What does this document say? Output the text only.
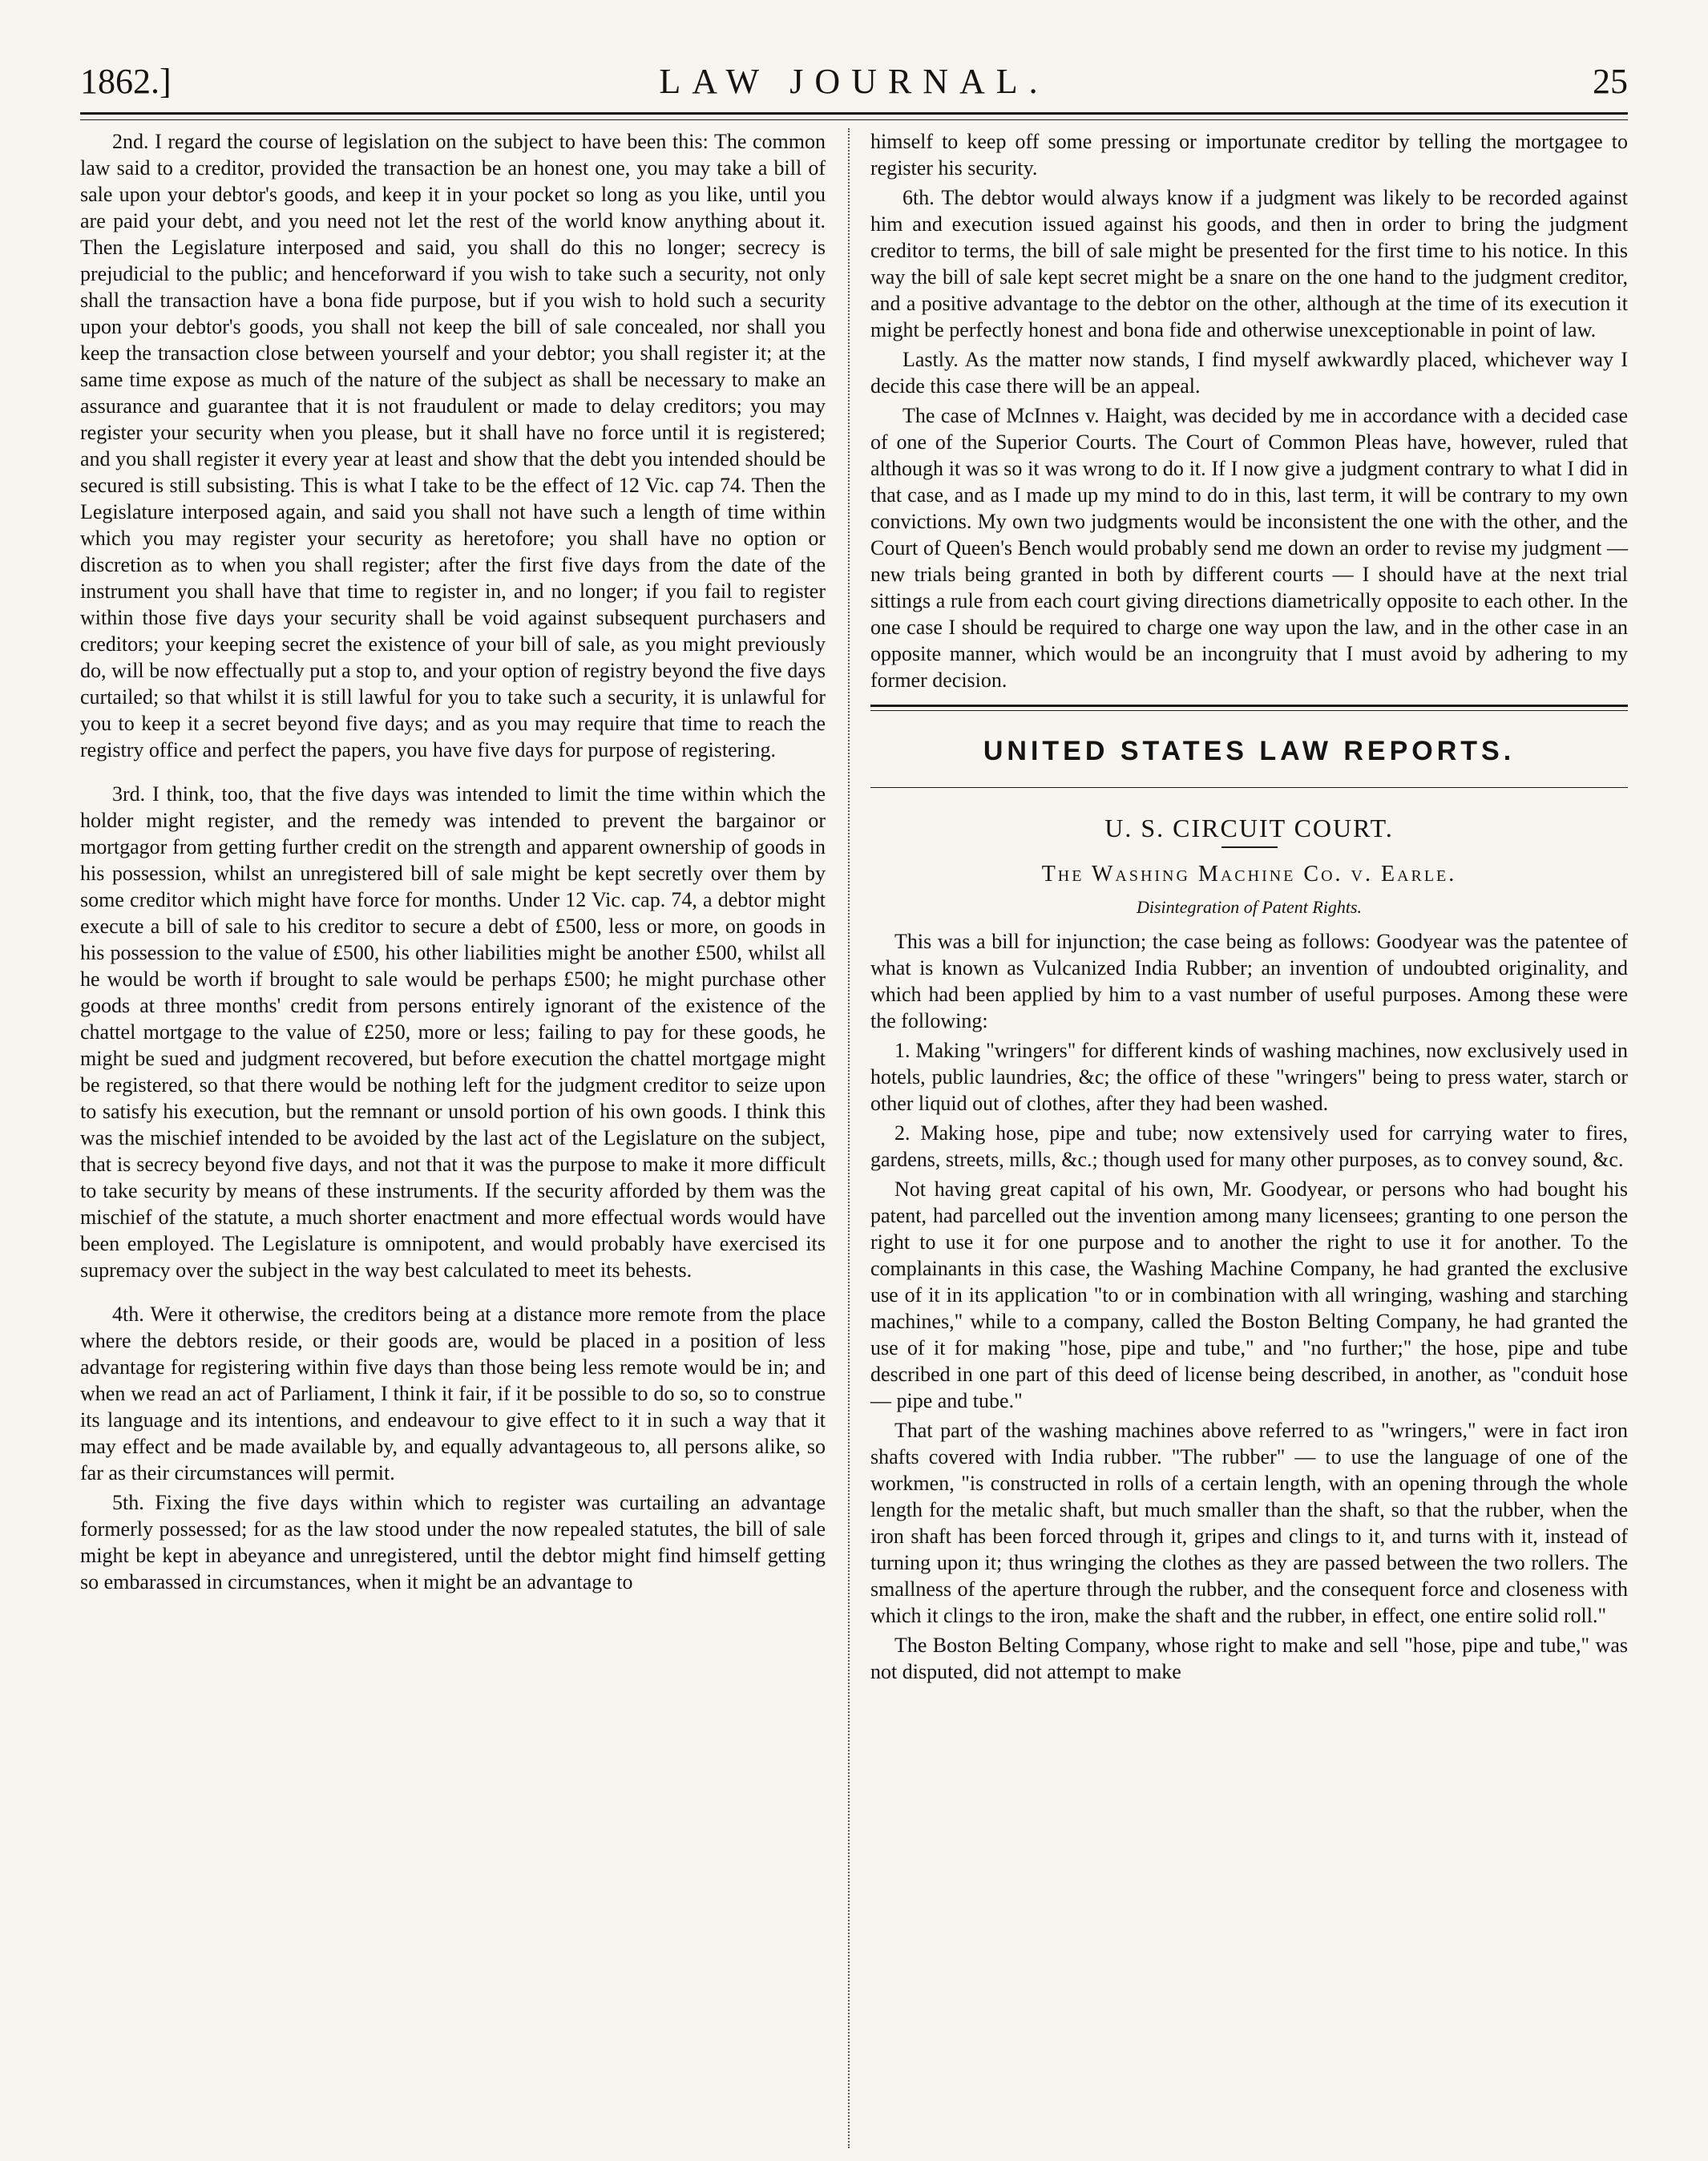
1862.]	LAW JOURNAL.	25

2nd. I regard the course of legislation on the subject to have been this: The common law said to a creditor, provided the transaction be an honest one, you may take a bill of sale upon your debtor's goods, and keep it in your pocket so long as you like, until you are paid your debt, and you need not let the rest of the world know anything about it. Then the Legislature interposed and said, you shall do this no longer; secrecy is prejudicial to the public; and henceforward if you wish to take such a security, not only shall the transaction have a bona fide purpose, but if you wish to hold such a security upon your debtor's goods, you shall not keep the bill of sale concealed, nor shall you keep the transaction close between yourself and your debtor; you shall register it; at the same time expose as much of the nature of the subject as shall be necessary to make an assurance and guarantee that it is not fraudulent or made to delay creditors; you may register your security when you please, but it shall have no force until it is registered; and you shall register it every year at least and show that the debt you intended should be secured is still subsisting. This is what I take to be the effect of 12 Vic. cap 74. Then the Legislature interposed again, and said you shall not have such a length of time within which you may register your security as heretofore; you shall have no option or discretion as to when you shall register; after the first five days from the date of the instrument you shall have that time to register in, and no longer; if you fail to register within those five days your security shall be void against subsequent purchasers and creditors; your keeping secret the existence of your bill of sale, as you might previously do, will be now effectually put a stop to, and your option of registry beyond the five days curtailed; so that whilst it is still lawful for you to take such a security, it is unlawful for you to keep it a secret beyond five days; and as you may require that time to reach the registry office and perfect the papers, you have five days for purpose of registering.

3rd. I think, too, that the five days was intended to limit the time within which the holder might register, and the remedy was intended to prevent the bargainor or mortgagor from getting further credit on the strength and apparent ownership of goods in his possession, whilst an unregistered bill of sale might be kept secretly over them by some creditor which might have force for months. Under 12 Vic. cap. 74, a debtor might execute a bill of sale to his creditor to secure a debt of £500, less or more, on goods in his possession to the value of £500, his other liabilities might be another £500, whilst all he would be worth if brought to sale would be perhaps £500; he might purchase other goods at three months' credit from persons entirely ignorant of the existence of the chattel mortgage to the value of £250, more or less; failing to pay for these goods, he might be sued and judgment recovered, but before execution the chattel mortgage might be registered, so that there would be nothing left for the judgment creditor to seize upon to satisfy his execution, but the remnant or unsold portion of his own goods. I think this was the mischief intended to be avoided by the last act of the Legislature on the subject, that is secrecy beyond five days, and not that it was the purpose to make it more difficult to take security by means of these instruments. If the security afforded by them was the mischief of the statute, a much shorter enactment and more effectual words would have been employed. The Legislature is omnipotent, and would probably have exercised its supremacy over the subject in the way best calculated to meet its behests.

4th. Were it otherwise, the creditors being at a distance more remote from the place where the debtors reside, or their goods are, would be placed in a position of less advantage for registering within five days than those being less remote would be in; and when we read an act of Parliament, I think it fair, if it be possible to do so, so to construe its language and its intentions, and endeavour to give effect to it in such a way that it may effect and be made available by, and equally advantageous to, all persons alike, so far as their circumstances will permit.

5th. Fixing the five days within which to register was curtailing an advantage formerly possessed; for as the law stood under the now repealed statutes, the bill of sale might be kept in abeyance and unregistered, until the debtor might find himself getting so embarassed in circumstances, when it might be an advantage to

himself to keep off some pressing or importunate creditor by telling the mortgagee to register his security.

6th. The debtor would always know if a judgment was likely to be recorded against him and execution issued against his goods, and then in order to bring the judgment creditor to terms, the bill of sale might be presented for the first time to his notice. In this way the bill of sale kept secret might be a snare on the one hand to the judgment creditor, and a positive advantage to the debtor on the other, although at the time of its execution it might be perfectly honest and bona fide and otherwise unexceptionable in point of law.

Lastly. As the matter now stands, I find myself awkwardly placed, whichever way I decide this case there will be an appeal.

The case of McInnes v. Haight, was decided by me in accordance with a decided case of one of the Superior Courts. The Court of Common Pleas have, however, ruled that although it was so it was wrong to do it. If I now give a judgment contrary to what I did in that case, and as I made up my mind to do in this, last term, it will be contrary to my own convictions. My own two judgments would be inconsistent the one with the other, and the Court of Queen's Bench would probably send me down an order to revise my judgment — new trials being granted in both by different courts — I should have at the next trial sittings a rule from each court giving directions diametrically opposite to each other. In the one case I should be required to charge one way upon the law, and in the other case in an opposite manner, which would be an incongruity that I must avoid by adhering to my former decision.

UNITED STATES LAW REPORTS.
U. S. CIRCUIT COURT.
The Washing Machine Co. v. Earle.
Disintegration of Patent Rights.

This was a bill for injunction; the case being as follows: Goodyear was the patentee of what is known as Vulcanized India Rubber; an invention of undoubted originality, and which had been applied by him to a vast number of useful purposes. Among these were the following:

1. Making "wringers" for different kinds of washing machines, now exclusively used in hotels, public laundries, &c; the office of these "wringers" being to press water, starch or other liquid out of clothes, after they had been washed.

2. Making hose, pipe and tube; now extensively used for carrying water to fires, gardens, streets, mills, &c.; though used for many other purposes, as to convey sound, &c.

Not having great capital of his own, Mr. Goodyear, or persons who had bought his patent, had parcelled out the invention among many licensees; granting to one person the right to use it for one purpose and to another the right to use it for another. To the complainants in this case, the Washing Machine Company, he had granted the exclusive use of it in its application "to or in combination with all wringing, washing and starching machines," while to a company, called the Boston Belting Company, he had granted the use of it for making "hose, pipe and tube," and "no further;" the hose, pipe and tube described in one part of this deed of license being described, in another, as "conduit hose — pipe and tube."

That part of the washing machines above referred to as "wringers," were in fact iron shafts covered with India rubber. "The rubber" — to use the language of one of the workmen, "is constructed in rolls of a certain length, with an opening through the whole length for the metalic shaft, but much smaller than the shaft, so that the rubber, when the iron shaft has been forced through it, gripes and clings to it, and turns with it, instead of turning upon it; thus wringing the clothes as they are passed between the two rollers. The smallness of the aperture through the rubber, and the consequent force and closeness with which it clings to the iron, make the shaft and the rubber, in effect, one entire solid roll."

The Boston Belting Company, whose right to make and sell "hose, pipe and tube," was not disputed, did not attempt to make
